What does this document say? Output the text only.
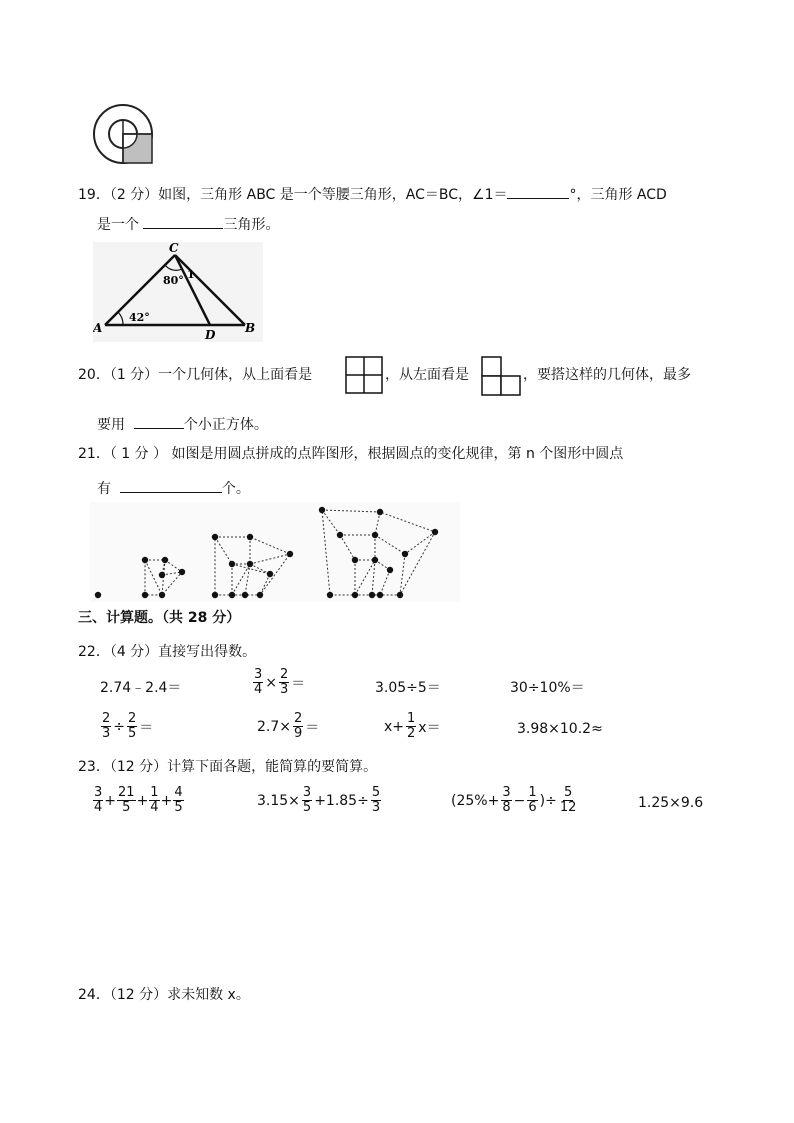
19．（2 分）如图，三角形 ABC 是一个等腰三角形，AC＝BC，∠1＝	°，三角形 ACD
是一个	三角形。
C
A	B
D
80° 1
42°
20．（1 分）一个几何体，从上面看是	，从左面看是	，要搭这样的几何体，最多
要用	个小正方体。
21．（ 1 分 ） 如图是用圆点拼成的点阵图形，根据圆点的变化规律，第 n 个图形中圆点
有	个。
三、计算题。（共 28 分）
22．（4 分）直接写出得数。
2.74﹣2.4＝	$\frac{3}{4} \times \frac{2}{3}$ ＝	3.05÷5＝	30÷10%＝
$\frac{2}{3} \div \frac{2}{5}$ ＝	$2.7\times \frac{2}{9}$ ＝	$x+ \frac{1}{2} x=$	3.98×10.2≈
23．（12 分）计算下面各题，能简算的要简算。
$\frac{3}{4} + \frac{21}{5} + \frac{1}{4} + \frac{4}{5}$	$3.15\times \frac{3}{5} +1.85\div \frac{5}{3}$	($25\%+ \frac{3}{8} - \frac{1}{6}$ )÷ $\frac{5}{12}$	1.25×9.6
24．（12 分）求未知数 x。
